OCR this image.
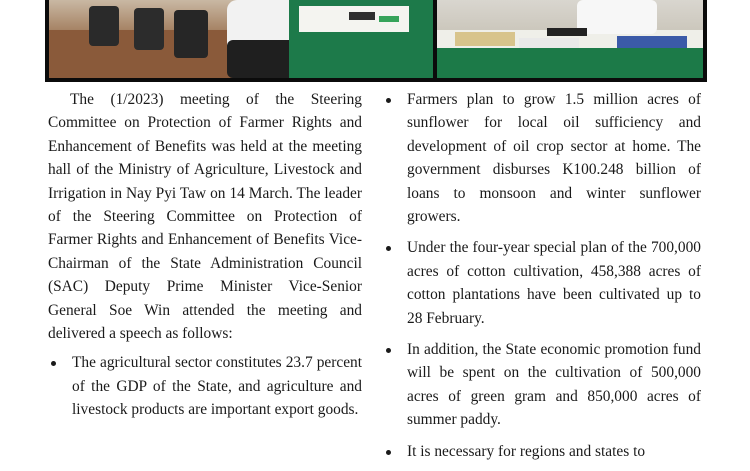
The (1/2023) meeting of the Steering Committee on Protection of Farmer Rights and Enhancement of Benefits was held at the meeting hall of the Ministry of Agriculture, Livestock and Irrigation in Nay Pyi Taw on 14 March. The leader of the Steering Committee on Protection of Farmer Rights and Enhancement of Benefits Vice-Chairman of the State Administration Council (SAC) Deputy Prime Minister Vice-Senior General Soe Win attended the meeting and delivered a speech as follows:

The agricultural sector constitutes 23.7 percent of the GDP of the State, and agriculture and livestock products are important export goods.
Farmers plan to grow 1.5 million acres of sunflower for local oil sufficiency and development of oil crop sector at home. The government disburses K100.248 billion of loans to monsoon and winter sunflower growers.
Under the four-year special plan of the 700,000 acres of cotton cultivation, 458,388 acres of cotton plantations have been cultivated up to 28 February.
In addition, the State economic promotion fund will be spent on the cultivation of 500,000 acres of green gram and 850,000 acres of summer paddy.
It is necessary for regions and states to
